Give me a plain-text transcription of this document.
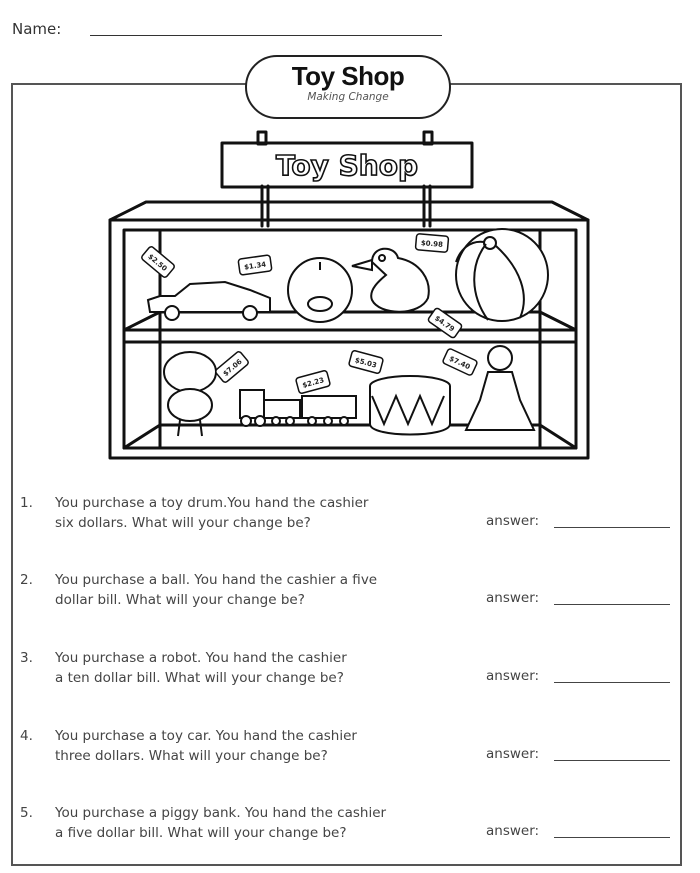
Name:
Toy Shop
Making Change
Toy Shop
$2.50	$1.34
$4.79
$0.98
$7.06
$2.23
$5.03	$7.40
1.	You purchase a toy drum.You hand the cashier
six dollars. What will your change be?	answer:
2.	You purchase a ball. You hand the cashier a five
dollar bill. What will your change be?	answer:
3.	You purchase a robot. You hand the cashier
a ten dollar bill. What will your change be?	answer:
4.	You purchase a toy car. You hand the cashier
three dollars. What will your change be?	answer:
5.	You purchase a piggy bank. You hand the cashier
a five dollar bill. What will your change be?	answer:
